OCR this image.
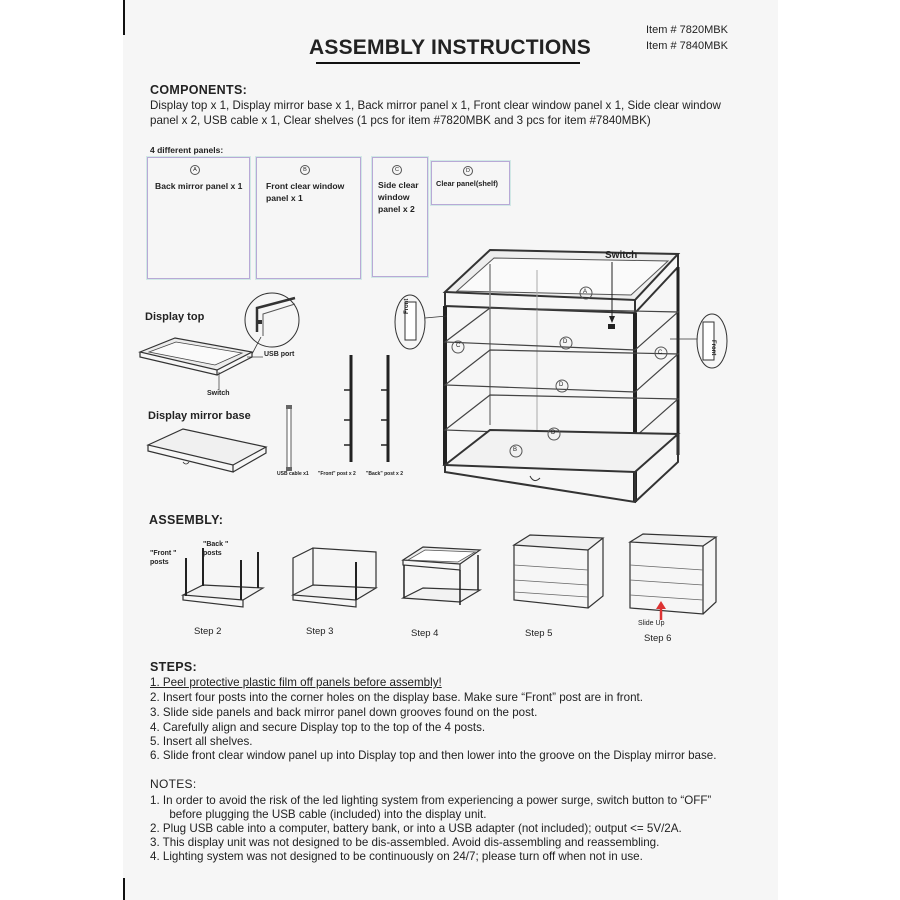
ASSEMBLY INSTRUCTIONS
Item # 7820MBK
Item # 7840MBK
COMPONENTS:
Display top x 1, Display mirror base x 1, Back mirror panel x 1, Front clear window panel x 1, Side clear window
panel x 2, USB cable x 1, Clear shelves (1 pcs for item #7820MBK and 3 pcs for item #7840MBK)
4 different panels:
A
Back mirror panel x 1
B
Front clear window panel x 1
C
Side clear window panel x 2
D
Clear panel(shelf)
Display top
USB port
Switch
Display mirror base
USB cable x1 "Front" post x 2 "Back" post x 2
Switch
Front
Front
A
C
D
C
D
D
B
ASSEMBLY:
"Front " posts
"Back " posts
Slide Up
Step 2	Step 3	Step 4	Step 5	Step 6
STEPS:
1. Peel protective plastic film off panels before assembly!
2. Insert four posts into the corner holes on the display base. Make sure “Front” post are in front.
3. Slide side panels and back mirror panel down grooves found on the post.
4. Carefully align and secure Display top to the top of the 4 posts.
5. Insert all shelves.
6. Slide front clear window panel up into Display top and then lower into the groove on the Display mirror base.
NOTES:
1. In order to avoid the risk of the led lighting system from experiencing a power surge, switch button to “OFF”
before plugging the USB cable (included) into the display unit.
2. Plug USB cable into a computer, battery bank, or into a USB adapter (not included); output <= 5V/2A.
3. This display unit was not designed to be dis-assembled. Avoid dis-assembling and reassembling.
4. Lighting system was not designed to be continuously on 24/7; please turn off when not in use.
